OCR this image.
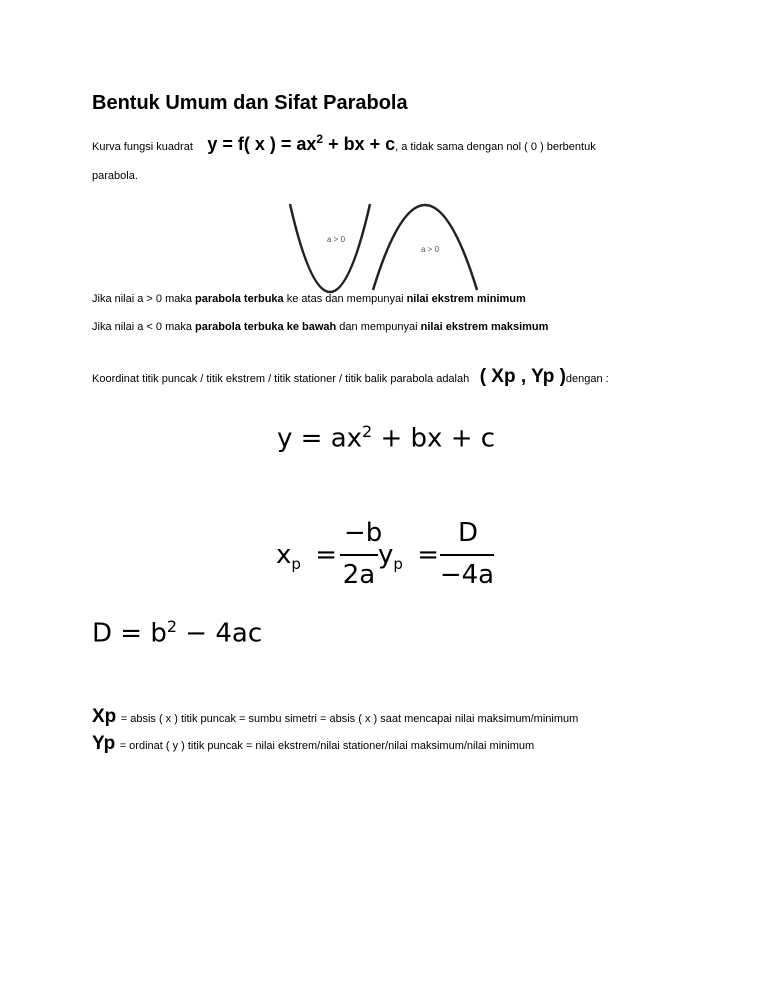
Bentuk Umum dan Sifat Parabola
Kurva fungsi kuadrat y = f( x ) = $ax^2$ + bx + c, a tidak sama dengan nol ( 0 ) berbentuk
parabola.
a > 0
a > 0
Jika nilai a > 0 maka parabola terbuka ke atas dan mempunyai nilai ekstrem minimum
Jika nilai a < 0 maka parabola terbuka ke bawah dan mempunyai nilai ekstrem maksimum
Koordinat titik puncak / titik ekstrem / titik stationer / titik balik parabola adalah ( Xp , Yp )dengan :
$y = ax^2$ + bx + c
$x_p$ =
−b
2a
$y_p$ =
D
−4a
$D = b^2 - 4ac$
Xp = absis ( x ) titik puncak = sumbu simetri = absis ( x ) saat mencapai nilai maksimum/minimum
Yp = ordinat ( y ) titik puncak = nilai ekstrem/nilai stationer/nilai maksimum/nilai minimum
